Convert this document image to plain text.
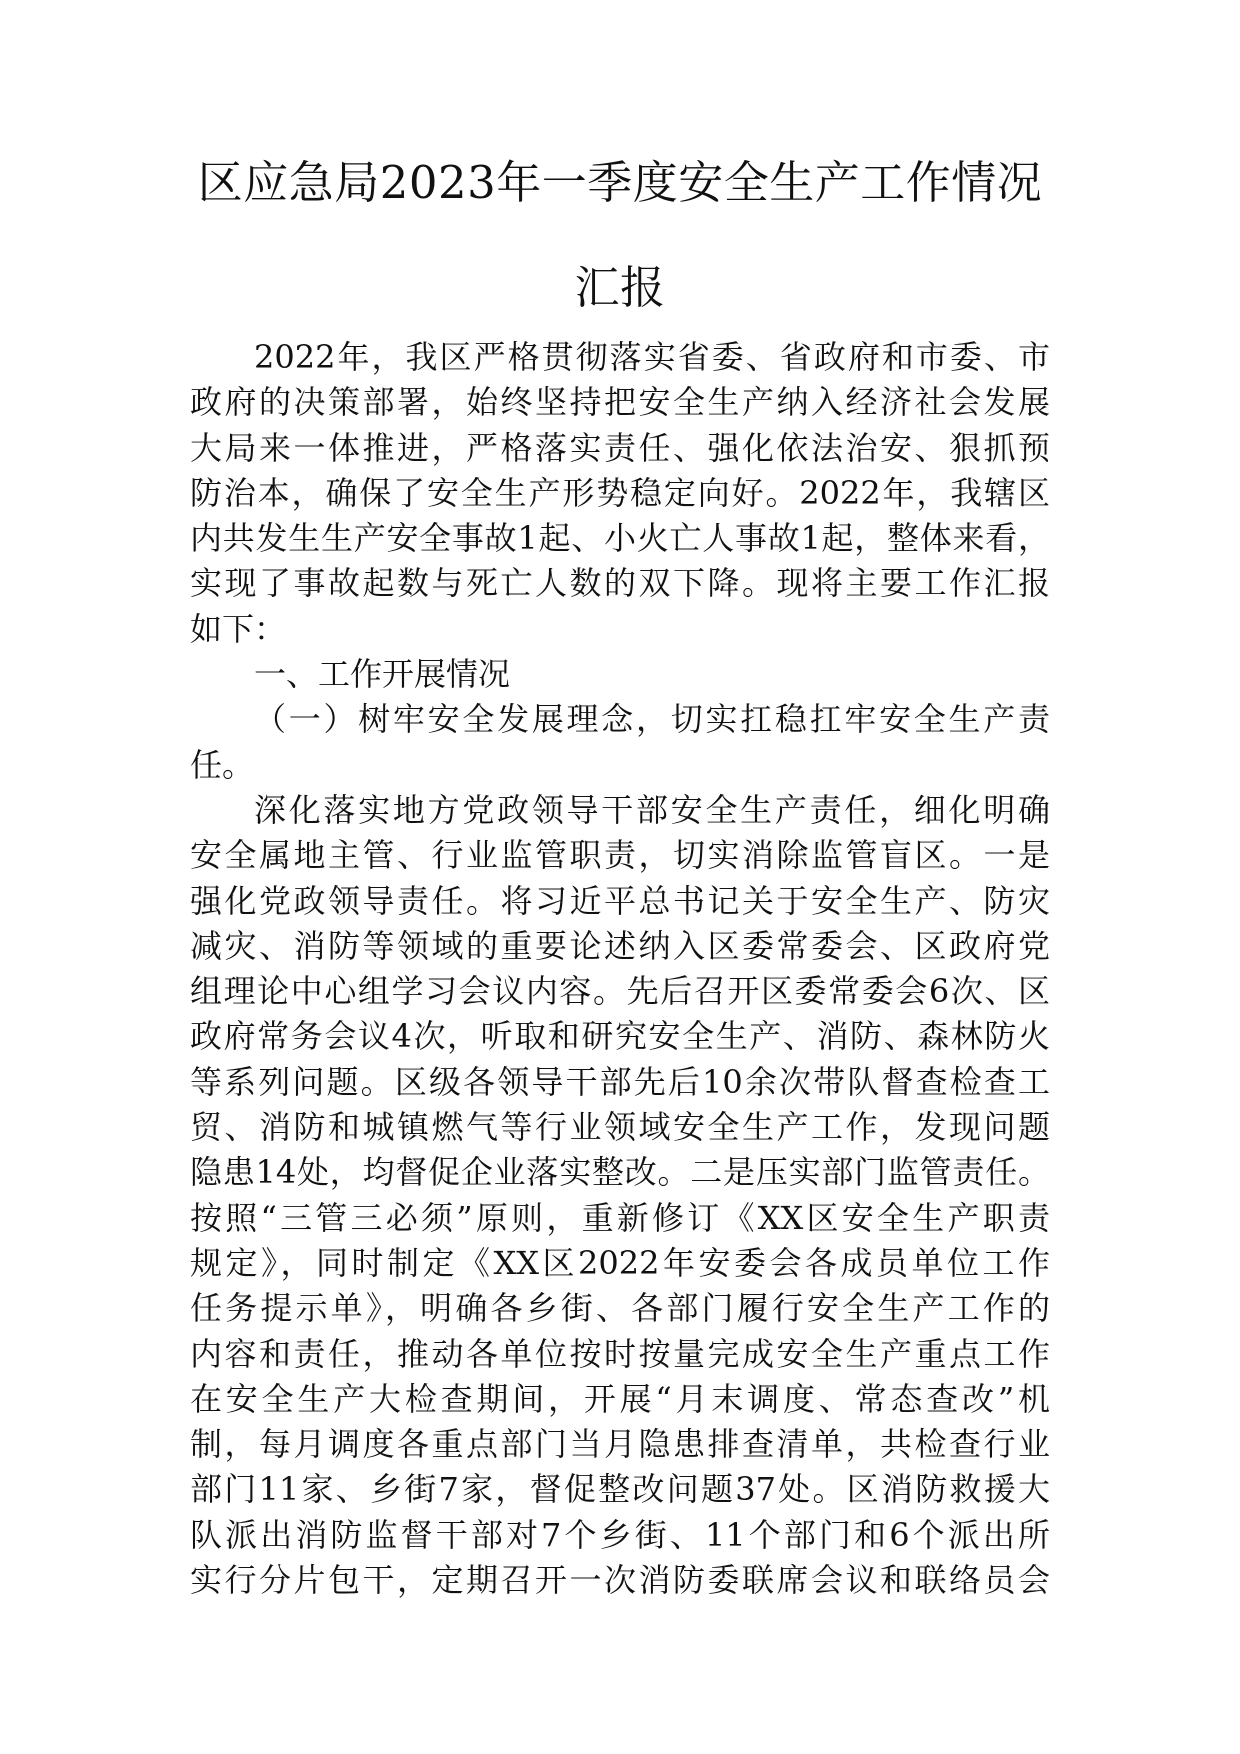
区应急局2023年一季度安全生产工作情况
汇报
2022年，我区严格贯彻落实省委、省政府和市委、市
政府的决策部署，始终坚持把安全生产纳入经济社会发展
大局来一体推进，严格落实责任、强化依法治安、狠抓预
防治本，确保了安全生产形势稳定向好。2022年，我辖区
内共发生生产安全事故1起、小火亡人事故1起，整体来看，
实现了事故起数与死亡人数的双下降。现将主要工作汇报
如下：
一、工作开展情况
（一）树牢安全发展理念，切实扛稳扛牢安全生产责
任。
深化落实地方党政领导干部安全生产责任，细化明确
安全属地主管、行业监管职责，切实消除监管盲区。一是
强化党政领导责任。将习近平总书记关于安全生产、防灾
减灾、消防等领域的重要论述纳入区委常委会、区政府党
组理论中心组学习会议内容。先后召开区委常委会6次、区
政府常务会议4次，听取和研究安全生产、消防、森林防火
等系列问题。区级各领导干部先后10余次带队督查检查工
贸、消防和城镇燃气等行业领域安全生产工作，发现问题
隐患14处，均督促企业落实整改。二是压实部门监管责任。
按照“三管三必须”原则，重新修订《XX区安全生产职责
规定》，同时制定《XX区2022年安委会各成员单位工作
任务提示单》，明确各乡街、各部门履行安全生产工作的
内容和责任，推动各单位按时按量完成安全生产重点工作
在安全生产大检查期间，开展“月末调度、常态查改”机
制，每月调度各重点部门当月隐患排查清单，共检查行业
部门11家、乡街7家，督促整改问题37处。区消防救援大
队派出消防监督干部对7个乡街、11个部门和6个派出所
实行分片包干，定期召开一次消防委联席会议和联络员会
